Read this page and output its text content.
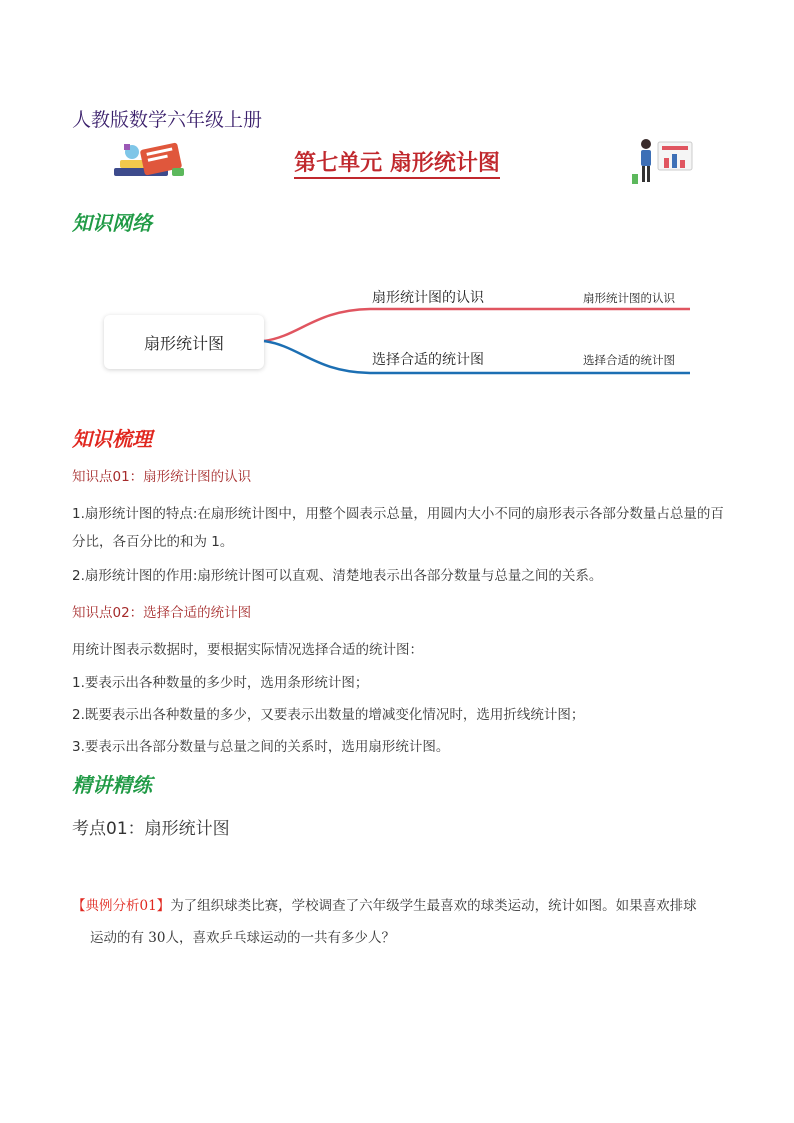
人教版数学六年级上册
第七单元 扇形统计图
知识网络
扇形统计图
扇形统计图的认识	扇形统计图的认识
选择合适的统计图	选择合适的统计图
知识梳理
知识点01：扇形统计图的认识
1.扇形统计图的特点:在扇形统计图中，用整个圆表示总量，用圆内大小不同的扇形表示各部分数量占总量的百分比，各百分比的和为 1。
2.扇形统计图的作用:扇形统计图可以直观、清楚地表示出各部分数量与总量之间的关系。
知识点02：选择合适的统计图
用统计图表示数据时，要根据实际情况选择合适的统计图：
1.要表示出各种数量的多少时，选用条形统计图；
2.既要表示出各种数量的多少，又要表示出数量的增减变化情况时，选用折线统计图；
3.要表示出各部分数量与总量之间的关系时，选用扇形统计图。
精讲精练
考点01：扇形统计图
【典例分析01】为了组织球类比赛，学校调查了六年级学生最喜欢的球类运动，统计如图。如果喜欢排球
运动的有 30人，喜欢乒乓球运动的一共有多少人？
